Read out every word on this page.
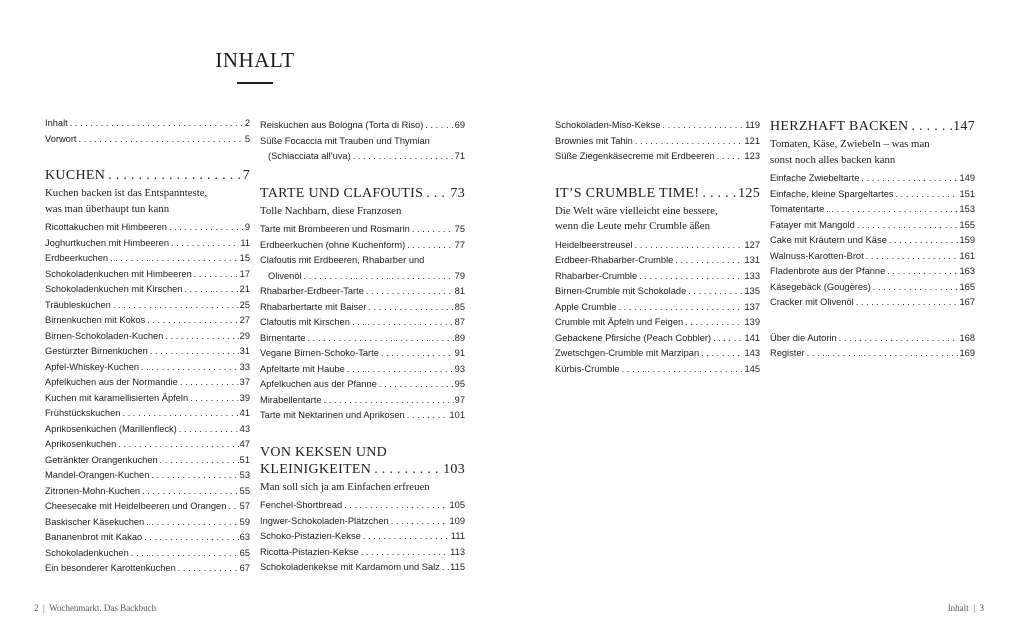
INHALT
Inhalt . . .	2
Vorwort . . .	5
KUCHEN . . .	7
Kuchen backen ist das Entspannteste,
was man überhaupt tun kann
Ricottakuchen mit Himbeeren . . .	9
Joghurtkuchen mit Himbeeren . . .	11
Erdbeerkuchen . . .	15
Schokoladenkuchen mit Himbeeren . . .	17
Schokoladenkuchen mit Kirschen . . .	21
Träubleskuchen . . .	25
Birnenkuchen mit Kokos . . .	27
Birnen-Schokoladen-Kuchen . . .	29
Gestürzter Birnenkuchen . . .	31
Apfel-Whiskey-Kuchen . . .	33
Apfelkuchen aus der Normandie . . .	37
Kuchen mit karamellisierten Äpfeln . . .	39
Frühstückskuchen . . .	41
Aprikosenkuchen (Marillenfleck) . . .	43
Aprikosenkuchen . . .	47
Getränkter Orangenkuchen . . .	51
Mandel-Orangen-Kuchen . . .	53
Zitronen-Mohn-Kuchen . . .	55
Cheesecake mit Heidelbeeren und Orangen . . . 57
Baskischer Käsekuchen . . .	59
Bananenbrot mit Kakao . . .	63
Schokoladenkuchen . . .	65
Ein besonderer Karottenkuchen . . .	67
Reiskuchen aus Bologna (Torta di Riso) . . .	69
Süße Focaccia mit Trauben und Thymian
(Schiacciata all’uva) . . .	71
TARTE UND CLAFOUTIS . . . 73
Tolle Nachbarn, diese Franzosen
Tarte mit Brombeeren und Rosmarin . . .	75
Erdbeerkuchen (ohne Kuchenform) . . .	77
Clafoutis mit Erdbeeren, Rhabarber und
Olivenöl . . .	79
Rhabarber-Erdbeer-Tarte . . .	81
Rhabarbertarte mit Baiser . . .	85
Clafoutis mit Kirschen . . .	87
Birnentarte . . .	89
Vegane Birnen-Schoko-Tarte . . .	91
Apfeltarte mit Haube . . .	93
Apfelkuchen aus der Pfanne . . .	95
Mirabellentarte . . .	97
Tarte mit Nektarinen und Aprikosen . . .	101
VON KEKSEN UND
KLEINIGKEITEN . . .	103
Man soll sich ja am Einfachen erfreuen
Fenchel-Shortbread . . .	105
Ingwer-Schokoladen-Plätzchen . . .	109
Schoko-Pistazien-Kekse . . .	111
Ricotta-Pistazien-Kekse . . .	113
Schokoladenkekse mit Kardamom und Salz . . . 115
Schokoladen-Miso-Kekse . . .	119
Brownies mit Tahin . . .	121
Süße Ziegenkäsecreme mit Erdbeeren . . .	123
IT’S CRUMBLE TIME! . . .	125
Die Welt wäre vielleicht eine bessere,
wenn die Leute mehr Crumble äßen
Heidelbeerstreusel . . .	127
Erdbeer-Rhabarber-Crumble . . .	131
Rhabarber-Crumble . . .	133
Birnen-Crumble mit Schokolade . . .	135
Apple Crumble . . .	137
Crumble mit Äpfeln und Feigen . . .	139
Gebackene Pfirsiche (Peach Cobbler) . . .	141
Zwetschgen-Crumble mit Marzipan . . .	143
Kürbis-Crumble . . .	145
HERZHAFT BACKEN . . .	147
Tomaten, Käse, Zwiebeln – was man
sonst noch alles backen kann
Einfache Zwiebeltarte . . .	149
Einfache, kleine Spargeltartes . . .	151
Tomatentarte . . .	153
Fatayer mit Mangold . . .	155
Cake mit Kräutern und Käse . . .	159
Walnuss-Karotten-Brot . . .	161
Fladenbrote aus der Pfanne . . .	163
Käsegebäck (Gougères) . . .	165
Cracker mit Olivenöl . . .	167
Über die Autorin . . .	168
Register . . .	169
2  |  Wochenmarkt. Das Backbuch	Inhalt  |  3
